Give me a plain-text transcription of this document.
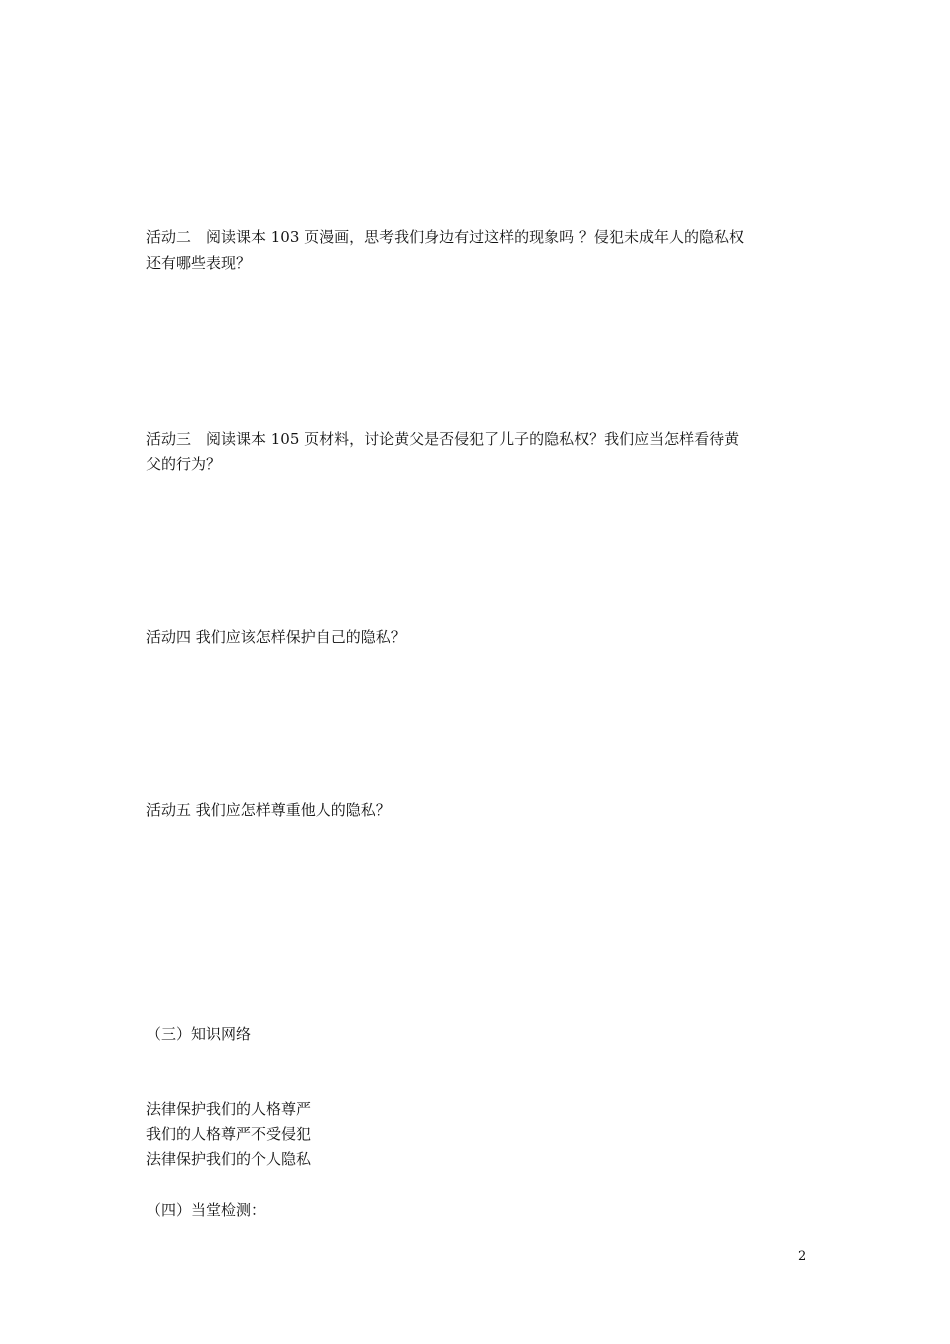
活动二　阅读课本 103 页漫画，思考我们身边有过这样的现象吗 ？侵犯未成年人的隐私权
还有哪些表现？
活动三　阅读课本 105 页材料，讨论黄父是否侵犯了儿子的隐私权？我们应当怎样看待黄
父的行为？
活动四 我们应该怎样保护自己的隐私？
活动五 我们应怎样尊重他人的隐私？
（三）知识网络
法律保护我们的人格尊严
我们的人格尊严不受侵犯
法律保护我们的个人隐私
（四）当堂检测：
2
